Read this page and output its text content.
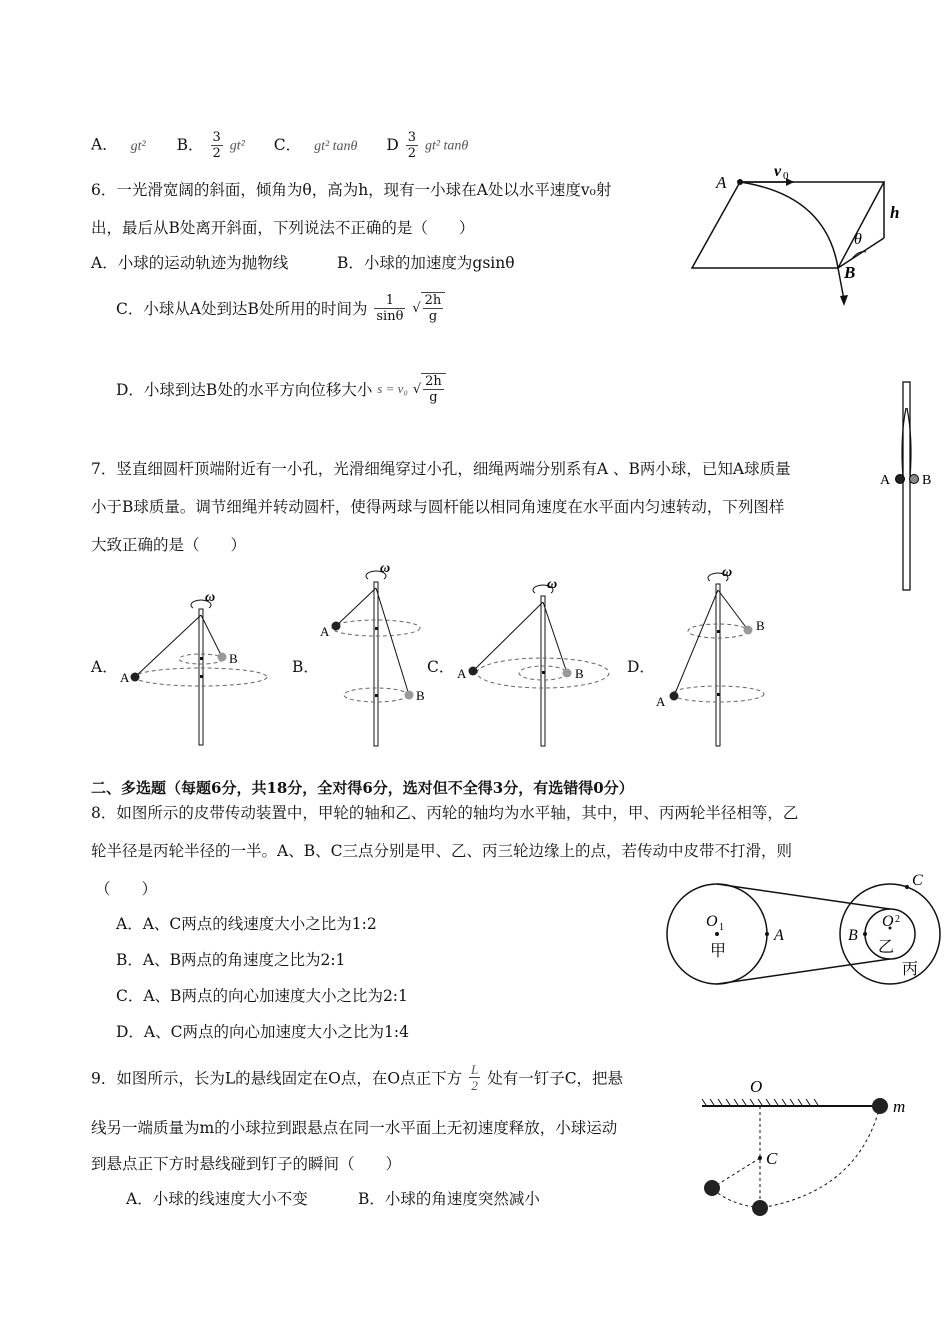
A． gt² B． $\frac{3}{2} gt^2$ C． gt² tanθ D $\frac{3}{2} gt^2$ tanθ
6．一光滑宽阔的斜面，倾角为θ，高为h，现有一小球在A处以水平速度v₀射
出，最后从B处离开斜面，下列说法不正确的是（　　）
A．小球的运动轨迹为抛物线	B．小球的加速度为gsinθ
C．小球从A处到达B处所用的时间为 $\frac{1}{\sin\theta}$ √ $\frac{2h}{g}$
D．小球到达B处的水平方向位移大小 s = v₀ √ $\frac{2h}{g}$
A
v 0
h
θ
B
A B
7．竖直细圆杆顶端附近有一小孔，光滑细绳穿过小孔，细绳两端分别系有A 、B两小球，已知A球质量
小于B球质量。调节细绳并转动圆杆，使得两球与圆杆能以相同角速度在水平面内匀速转动，下列图样
大致正确的是（　　）
A．
ω
A
B	B．
ω
A
B
C．
ω
A	B	D．
ω
A
B
二、多选题（每题6分，共18分，全对得6分，选对但不全得3分，有选错得0分）
8．如图所示的皮带传动装置中，甲轮的轴和乙、丙轮的轴均为水平轴，其中，甲、丙两轮半径相等，乙
轮半径是丙轮半径的一半。A、B、C三点分别是甲、乙、丙三轮边缘上的点，若传动中皮带不打滑，则
（　　）
A．A、C两点的线速度大小之比为1:2
B．A、B两点的角速度之比为2:1
C．A、B两点的向心加速度大小之比为2:1
D．A、C两点的向心加速度大小之比为1:4
O 1
甲
A	B
O 2
乙
丙
C
9．如图所示，长为L的悬线固定在O点，在O点正下方 $\frac{L}{2}$ 处有一钉子C，把悬
线另一端质量为m的小球拉到跟悬点在同一水平面上无初速度释放，小球运动
到悬点正下方时悬线碰到钉子的瞬间（　　）
A．小球的线速度大小不变	B．小球的角速度突然减小
O
m
C
